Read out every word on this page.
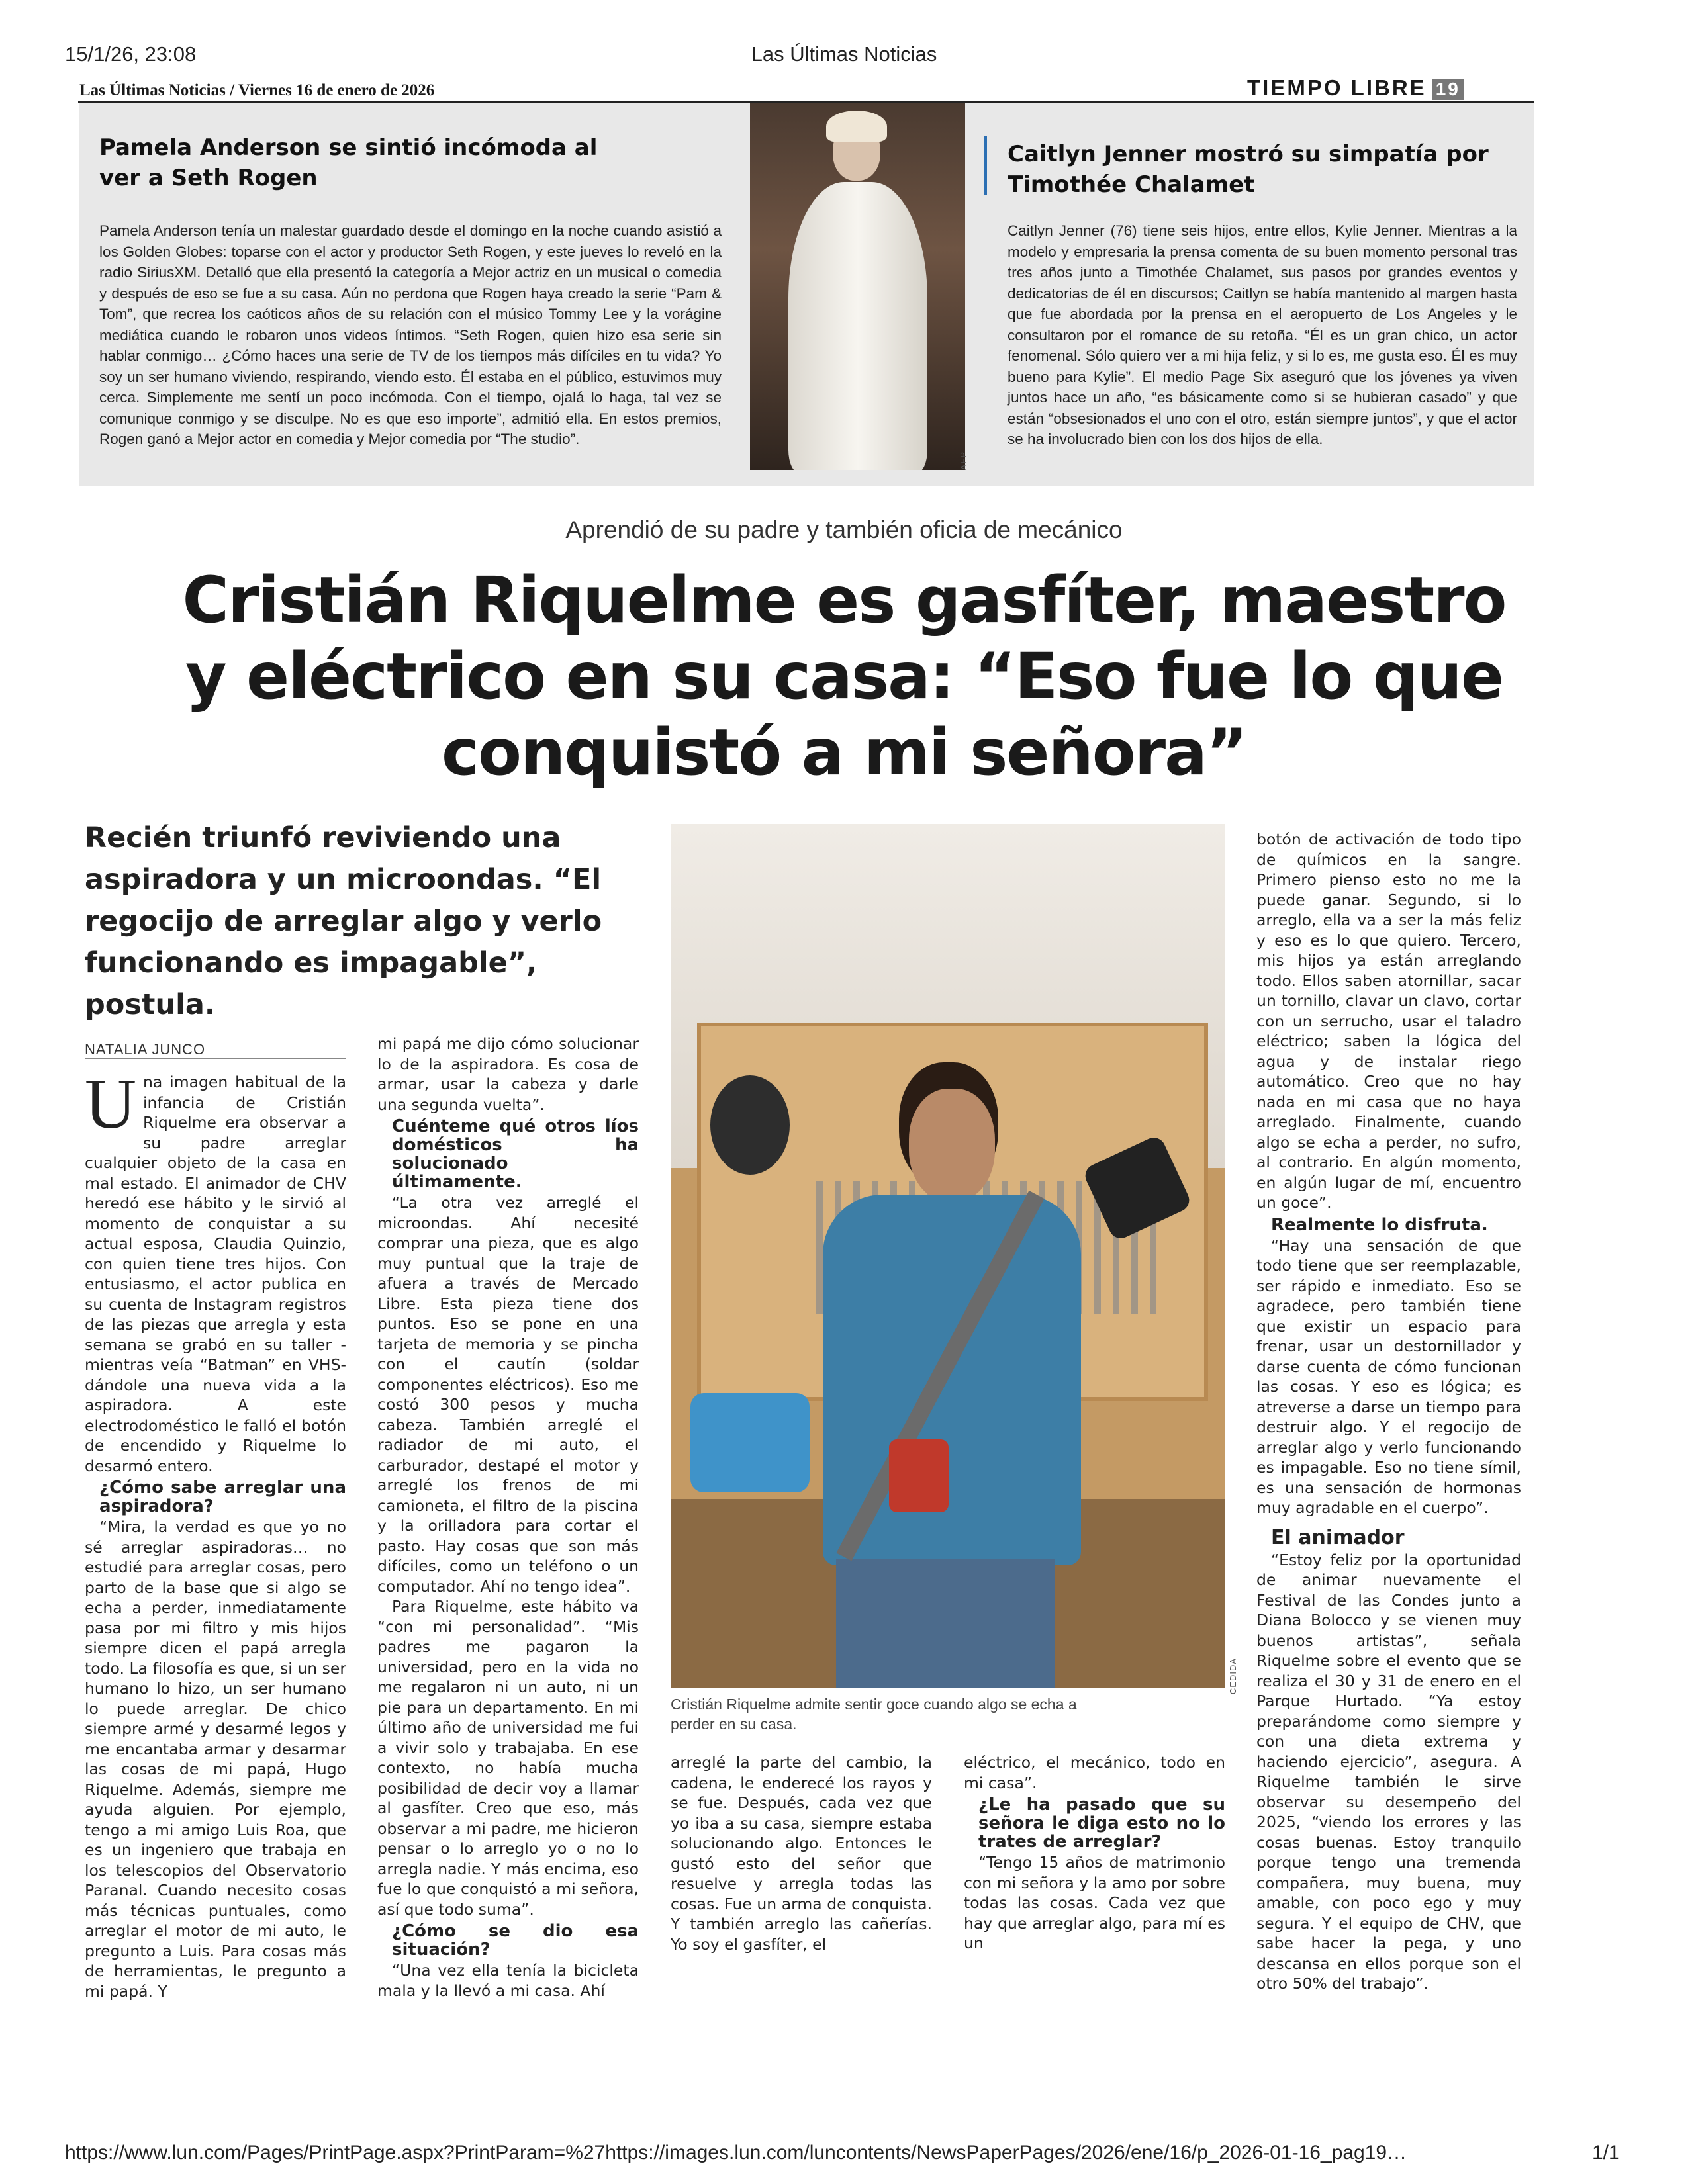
15/1/26, 23:08	Las Últimas Noticias
https://www.lun.com/Pages/PrintPage.aspx?PrintParam=%27https://images.lun.com/luncontents/NewsPaperPages/2026/ene/16/p_2026-01-16_pag19…	1/1
Las Últimas Noticias / Viernes 16 de enero de 2026	TIEMPO LIBRE 19
Pamela Anderson se sintió incómoda al ver a Seth Rogen
Pamela Anderson tenía un malestar guardado desde el domingo en la noche cuando asistió a los Golden Globes: toparse con el actor y productor Seth Rogen, y este jueves lo reveló en la radio SiriusXM. Detalló que ella presentó la categoría a Mejor actriz en un musical o comedia y después de eso se fue a su casa. Aún no perdona que Rogen haya creado la serie “Pam & Tom”, que recrea los caóticos años de su relación con el músico Tommy Lee y la vorágine mediática cuando le robaron unos videos íntimos. “Seth Rogen, quien hizo esa serie sin hablar conmigo… ¿Cómo haces una serie de TV de los tiempos más difíciles en tu vida? Yo soy un ser humano viviendo, respirando, viendo esto. Él estaba en el público, estuvimos muy cerca. Simplemente me sentí un poco incómoda. Con el tiempo, ojalá lo haga, tal vez se comunique conmigo y se disculpe. No es que eso importe”, admitió ella. En estos premios, Rogen ganó a Mejor actor en comedia y Mejor comedia por “The studio”.
AFP
Caitlyn Jenner mostró su simpatía por Timothée Chalamet
Caitlyn Jenner (76) tiene seis hijos, entre ellos, Kylie Jenner. Mientras a la modelo y empresaria la prensa comenta de su buen momento personal tras tres años junto a Timothée Chalamet, sus pasos por grandes eventos y dedicatorias de él en discursos; Caitlyn se había mantenido al margen hasta que fue abordada por la prensa en el aeropuerto de Los Angeles y le consultaron por el romance de su retoña. “Él es un gran chico, un actor fenomenal. Sólo quiero ver a mi hija feliz, y si lo es, me gusta eso. Él es muy bueno para Kylie”. El medio Page Six aseguró que los jóvenes ya viven juntos hace un año, “es básicamente como si se hubieran casado” y que están “obsesionados el uno con el otro, están siempre juntos”, y que el actor se ha involucrado bien con los dos hijos de ella.
Aprendió de su padre y también oficia de mecánico
Cristián Riquelme es gasfíter, maestro y eléctrico en su casa: “Eso fue lo que conquistó a mi señora”
Recién triunfó reviviendo una aspiradora y un microondas. “El regocijo de arreglar algo y verlo funcionando es impagable”, postula.
NATALIA JUNCO
U na imagen habitual de la infancia de Cristián Riquelme era observar a su padre arreglar cualquier objeto de la casa en mal estado. El animador de CHV heredó ese hábito y le sirvió al momento de conquistar a su actual esposa, Claudia Quinzio, con quien tiene tres hijos. Con entusiasmo, el actor publica en su cuenta de Instagram registros de las piezas que arregla y esta semana se grabó en su taller -mientras veía “Batman” en VHS- dándole una nueva vida a la aspiradora. A este electrodoméstico le falló el botón de encendido y Riquelme lo desarmó entero.

¿Cómo sabe arreglar una aspiradora?

“Mira, la verdad es que yo no sé arreglar aspiradoras… no estudié para arreglar cosas, pero parto de la base que si algo se echa a perder, inmediatamente pasa por mi filtro y mis hijos siempre dicen el papá arregla todo. La filosofía es que, si un ser humano lo hizo, un ser humano lo puede arreglar. De chico siempre armé y desarmé legos y me encantaba armar y desarmar las cosas de mi papá, Hugo Riquelme. Además, siempre me ayuda alguien. Por ejemplo, tengo a mi amigo Luis Roa, que es un ingeniero que trabaja en los telescopios del Observatorio Paranal. Cuando necesito cosas más técnicas puntuales, como arreglar el motor de mi auto, le pregunto a Luis. Para cosas más de herramientas, le pregunto a mi papá. Y

mi papá me dijo cómo solucionar lo de la aspiradora. Es cosa de armar, usar la cabeza y darle una segunda vuelta”.

Cuénteme qué otros líos domésticos ha solucionado últimamente.

“La otra vez arreglé el microondas. Ahí necesité comprar una pieza, que es algo muy puntual que la traje de afuera a través de Mercado Libre. Esta pieza tiene dos puntos. Eso se pone en una tarjeta de memoria y se pincha con el cautín (soldar componentes eléctricos). Eso me costó 300 pesos y mucha cabeza. También arreglé el radiador de mi auto, el carburador, destapé el motor y arreglé los frenos de mi camioneta, el filtro de la piscina y la orilladora para cortar el pasto. Hay cosas que son más difíciles, como un teléfono o un computador. Ahí no tengo idea”.

Para Riquelme, este hábito va “con mi personalidad”. “Mis padres me pagaron la universidad, pero en la vida no me regalaron ni un auto, ni un pie para un departamento. En mi último año de universidad me fui a vivir solo y trabajaba. En ese contexto, no había mucha posibilidad de decir voy a llamar al gasfíter. Creo que eso, más observar a mi padre, me hicieron pensar o lo arreglo yo o no lo arregla nadie. Y más encima, eso fue lo que conquistó a mi señora, así que todo suma”.

¿Cómo se dio esa situación?

“Una vez ella tenía la bicicleta mala y la llevó a mi casa. Ahí

CEDIDA
Cristián Riquelme admite sentir goce cuando algo se echa a perder en su casa.

arreglé la parte del cambio, la cadena, le enderecé los rayos y se fue. Después, cada vez que yo iba a su casa, siempre estaba solucionando algo. Entonces le gustó esto del señor que resuelve y arregla todas las cosas. Fue un arma de conquista. Y también arreglo las cañerías. Yo soy el gasfíter, el

eléctrico, el mecánico, todo en mi casa”.

¿Le ha pasado que su señora le diga esto no lo trates de arreglar?

“Tengo 15 años de matrimonio con mi señora y la amo por sobre todas las cosas. Cada vez que hay que arreglar algo, para mí es un

botón de activación de todo tipo de químicos en la sangre. Primero pienso esto no me la puede ganar. Segundo, si lo arreglo, ella va a ser la más feliz y eso es lo que quiero. Tercero, mis hijos ya están arreglando todo. Ellos saben atornillar, sacar un tornillo, clavar un clavo, cortar con un serrucho, usar el taladro eléctrico; saben la lógica del agua y de instalar riego automático. Creo que no hay nada en mi casa que no haya arreglado. Finalmente, cuando algo se echa a perder, no sufro, al contrario. En algún momento, en algún lugar de mí, encuentro un goce”.

Realmente lo disfruta.

“Hay una sensación de que todo tiene que ser reemplazable, ser rápido e inmediato. Eso se agradece, pero también tiene que existir un espacio para frenar, usar un destornillador y darse cuenta de cómo funcionan las cosas. Y eso es lógica; es atreverse a darse un tiempo para destruir algo. Y el regocijo de arreglar algo y verlo funcionando es impagable. Eso no tiene símil, es una sensación de hormonas muy agradable en el cuerpo”.

El animador

“Estoy feliz por la oportunidad de animar nuevamente el Festival de las Condes junto a Diana Bolocco y se vienen muy buenos artistas”, señala Riquelme sobre el evento que se realiza el 30 y 31 de enero en el Parque Hurtado. “Ya estoy preparándome como siempre y con una dieta extrema y haciendo ejercicio”, asegura. A Riquelme también le sirve observar su desempeño del 2025, “viendo los errores y las cosas buenas. Estoy tranquilo porque tengo una tremenda compañera, muy buena, muy amable, con poco ego y muy segura. Y el equipo de CHV, que sabe hacer la pega, y uno descansa en ellos porque son el otro 50% del trabajo”.
